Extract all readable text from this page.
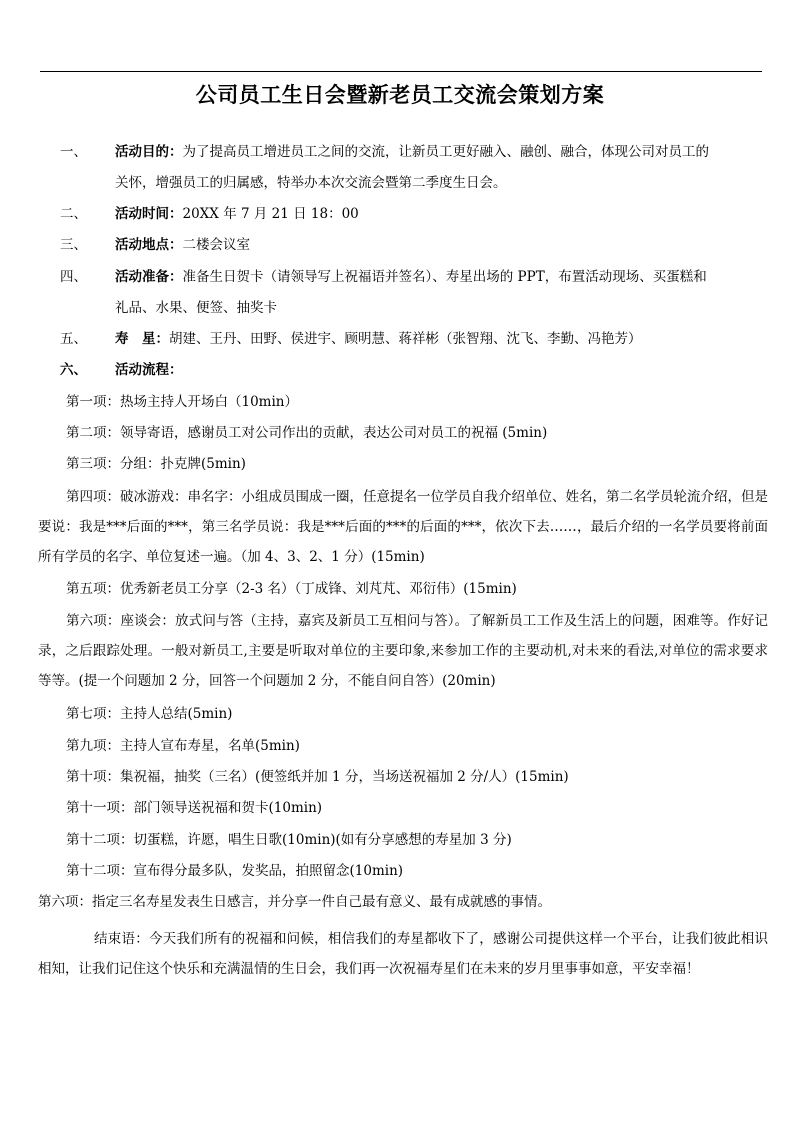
公司员工生日会暨新老员工交流会策划方案
一、 活动目的：为了提高员工增进员工之间的交流，让新员工更好融入、融创、融合，体现公司对员工的
关怀，增强员工的归属感，特举办本次交流会暨第二季度生日会。
二、 活动时间：20XX 年 7 月 21 日 18：00
三、 活动地点：二楼会议室
四、 活动准备：准备生日贺卡（请领导写上祝福语并签名）、寿星出场的 PPT，布置活动现场、买蛋糕和
礼品、水果、便签、抽奖卡
五、 寿　星：胡建、王丹、田野、侯进宇、顾明慧、蒋祥彬（张智翔、沈飞、李勤、冯艳芳）
六、 活动流程：
第一项：热场主持人开场白（10min）
第二项：领导寄语，感谢员工对公司作出的贡献，表达公司对员工的祝福 (5min)
第三项：分组：扑克牌(5min)
第四项：破冰游戏：串名字：小组成员围成一圈，任意提名一位学员自我介绍单位、姓名，第二名学员轮流介绍，但是要说：我是***后面的***，第三名学员说：我是***后面的***的后面的***，依次下去……，最后介绍的一名学员要将前面所有学员的名字、单位复述一遍。（加 4、3、2、1 分）(15min)
第五项：优秀新老员工分享（2-3 名）（丁成锋、刘芃芃、邓衍伟）(15min)
第六项：座谈会：放式问与答（主持，嘉宾及新员工互相问与答）。了解新员工工作及生活上的问题，困难等。作好记录，之后跟踪处理。一般对新员工,主要是听取对单位的主要印象,来参加工作的主要动机,对未来的看法,对单位的需求要求等等。(提一个问题加 2 分，回答一个问题加 2 分，不能自问自答）(20min)
第七项：主持人总结(5min)
第九项：主持人宣布寿星，名单(5min)
第十项：集祝福，抽奖（三名）(便签纸并加 1 分，当场送祝福加 2 分/人）(15min)
第十一项：部门领导送祝福和贺卡(10min)
第十二项：切蛋糕，许愿，唱生日歌(10min)(如有分享感想的寿星加 3 分)
第十二项：宣布得分最多队，发奖品，拍照留念(10min)
第六项：指定三名寿星发表生日感言，并分享一件自己最有意义、最有成就感的事情。
结束语：今天我们所有的祝福和问候，相信我们的寿星都收下了，感谢公司提供这样一个平台，让我们彼此相识相知，让我们记住这个快乐和充满温情的生日会，我们再一次祝福寿星们在未来的岁月里事事如意，平安幸福！
